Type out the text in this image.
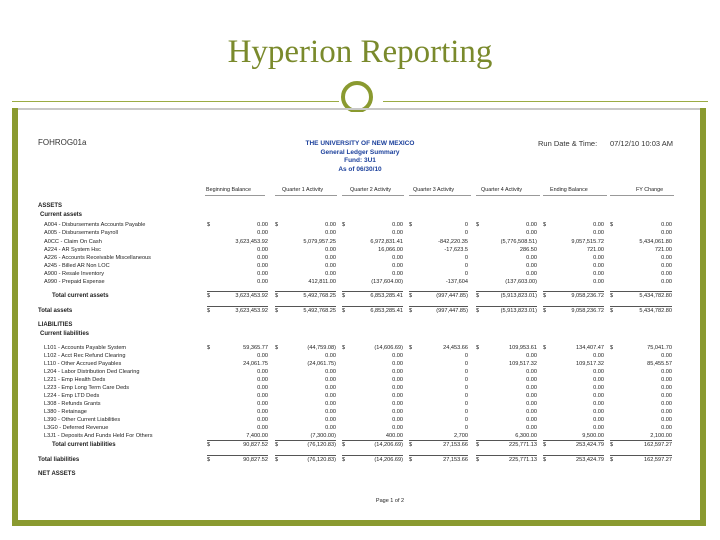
Hyperion Reporting
FOHROG01a	THE UNIVERSITY OF NEW MEXICO
General Ledger Summary
Fund: 3U1
As of 06/30/10
Run Date & Time: 07/12/10 10:03 AM
Beginning Balance	Quarter 1 Activity	Quarter 2 Activity	Quarter 3 Activity	Quarter 4 Activity	Ending Balance	FY Change
ASSETS
Current assets
A004 - Disbursements Accounts Payable	$	0.00 $	0.00 $	0.00 $	0 $	0.00 $	0.00 $	0.00
A005 - Disbursements Payroll	0.00	0.00	0.00	0	0.00	0.00	0.00
A0CC - Claim On Cash	3,623,453.92	5,079,957.25	6,972,831.41	-842,220.35	(5,776,508.51)	9,057,515.72	5,434,061.80
A224 - AR System Hsc	0.00	0.00	16,066.00	-17,623.5	286.50	721.00	721.00
A226 - Accounts Receivable Miscellaneous	0.00	0.00	0.00	0	0.00	0.00	0.00
A245 - Billed AR Non LOC	0.00	0.00	0.00	0	0.00	0.00	0.00
A900 - Resale Inventory	0.00	0.00	0.00	0	0.00	0.00	0.00
A990 - Prepaid Expense	0.00	412,811.00	(137,604.00)	-137,604	(137,603.00)	0.00	0.00
Total current assets	$	3,623,453.92 $	5,492,768.25 $	6,853,285.41 $	(997,447.85) $	(5,913,823.01) $	9,058,236.72 $	5,434,782.80
Total assets	$	3,623,453.92 $	5,492,768.25 $	6,853,285.41 $	(997,447.85) $	(5,913,823.01) $	9,058,236.72 $	5,434,782.80
LIABILITIES
Current liabilities
L101 - Accounts Payable System	$	59,365.77 $	(44,759.08) $	(14,606.69) $	24,453.66 $	109,953.61 $	134,407.47 $	75,041.70
L102 - Acct Rec Refund Clearing	0.00	0.00	0.00	0	0.00	0.00	0.00
L110 - Other Accrued Payables	24,061.75	(24,061.75)	0.00	0	109,517.32	109,517.32	85,455.57
L204 - Labor Distribution Ded Clearing	0.00	0.00	0.00	0	0.00	0.00	0.00
L221 - Emp Health Deds	0.00	0.00	0.00	0	0.00	0.00	0.00
L223 - Emp Long Term Care Deds	0.00	0.00	0.00	0	0.00	0.00	0.00
L224 - Emp LTD Deds	0.00	0.00	0.00	0	0.00	0.00	0.00
L308 - Refunds Grants	0.00	0.00	0.00	0	0.00	0.00	0.00
L380 - Retainage	0.00	0.00	0.00	0	0.00	0.00	0.00
L390 - Other Current Liabilities	0.00	0.00	0.00	0	0.00	0.00	0.00
L3G0 - Deferred Revenue	0.00	0.00	0.00	0	0.00	0.00	0.00
L3J1 - Deposits And Funds Held For Others	7,400.00	(7,300.00)	400.00	2,700	6,300.00	9,500.00	2,100.00
Total current liabilities	$	90,827.52 $	(76,120.83) $	(14,206.69) $	27,153.66 $	225,771.13 $	253,424.79 $	162,597.27
Total liabilities	$	90,827.52 $	(76,120.83) $	(14,206.69) $	27,153.66 $	225,771.13 $	253,424.79 $	162,597.27
NET ASSETS
Page 1 of 2
